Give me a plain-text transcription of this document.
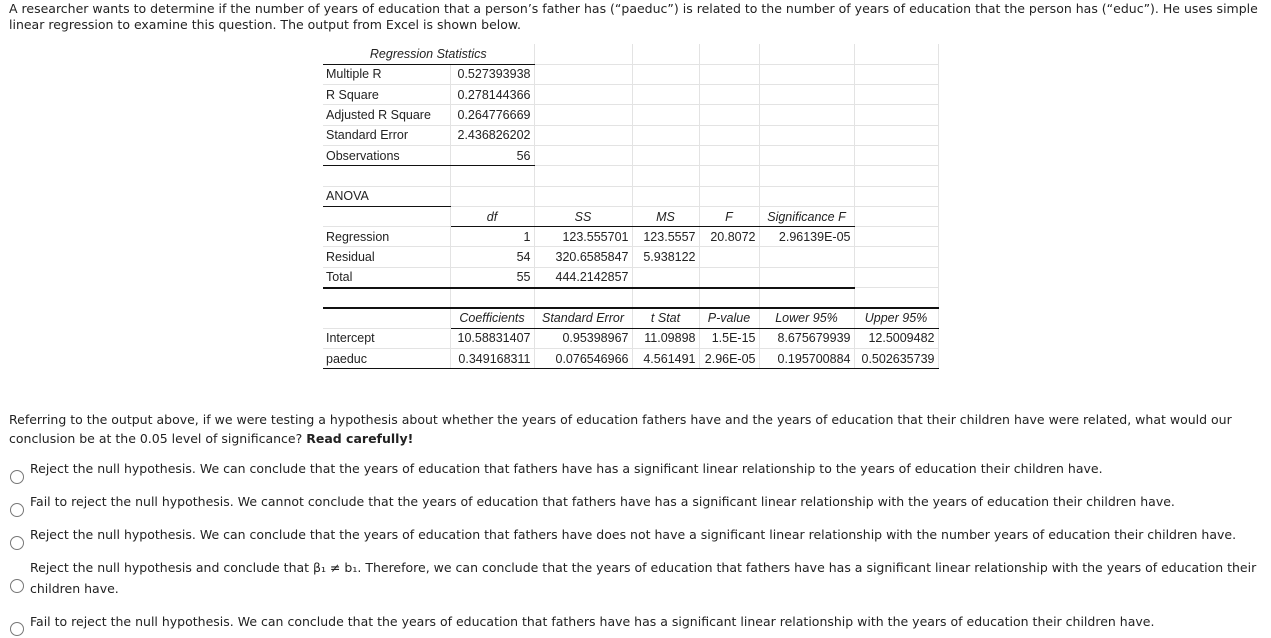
A researcher wants to determine if the number of years of education that a person’s father has (“paeduc”) is related to the number of years of education that the person has (“educ”). He uses simple linear regression to examine this question. The output from Excel is shown below.
Regression Statistics						
Multiple R	0.527393938					
R Square	0.278144366					
Adjusted R Square	0.264776669					
Standard Error	2.436826202					
Observations	56					

ANOVA						
	df	SS	MS	F	Significance F	
Regression	1	123.555701	123.5557	20.8072	2.96139E-05	
Residual	54	320.6585847	5.938122			
Total	55	444.2142857				

	Coefficients	Standard Error	t Stat	P-value	Lower 95%	Upper 95%
Intercept	10.58831407	0.95398967	11.09898	1.5E-15	8.675679939	12.5009482
paeduc	0.349168311	0.076546966	4.561491	2.96E-05	0.195700884	0.502635739
Referring to the output above, if we were testing a hypothesis about whether the years of education fathers have and the years of education that their children have were related, what would our conclusion be at the 0.05 level of significance? Read carefully!
Reject the null hypothesis. We can conclude that the years of education that fathers have has a significant linear relationship to the years of education their children have.
Fail to reject the null hypothesis. We cannot conclude that the years of education that fathers have has a significant linear relationship with the years of education their children have.
Reject the null hypothesis. We can conclude that the years of education that fathers have does not have a significant linear relationship with the number years of education their children have.
Reject the null hypothesis and conclude that β₁ ≠ b₁. Therefore, we can conclude that the years of education that fathers have has a significant linear relationship with the years of education their children have.
Fail to reject the null hypothesis. We can conclude that the years of education that fathers have has a significant linear relationship with the years of education their children have.
